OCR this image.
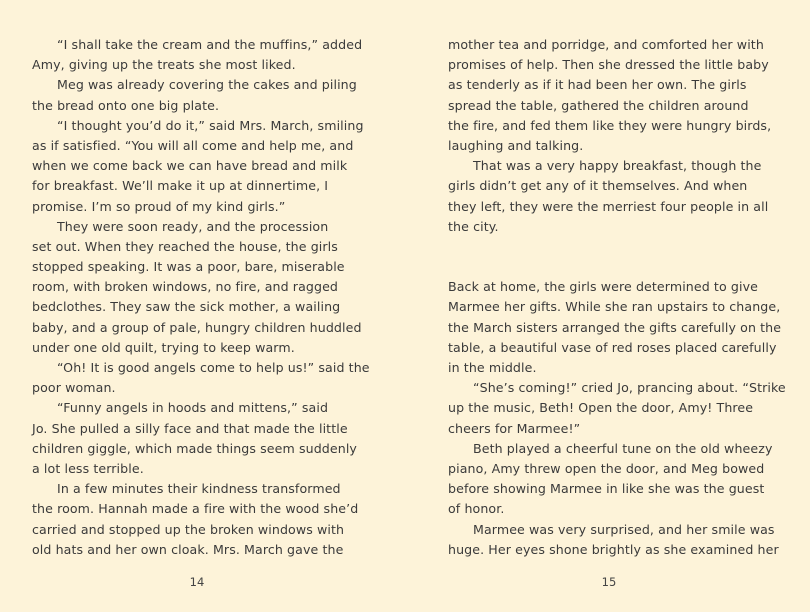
“I shall take the cream and the muffins,” added
Amy, giving up the treats she most liked.
Meg was already covering the cakes and piling
the bread onto one big plate.
“I thought you’d do it,” said Mrs. March, smiling
as if satisfied. “You will all come and help me, and
when we come back we can have bread and milk
for breakfast. We’ll make it up at dinnertime, I
promise. I’m so proud of my kind girls.”
They were soon ready, and the procession
set out. When they reached the house, the girls
stopped speaking. It was a poor, bare, miserable
room, with broken windows, no fire, and ragged
bedclothes. They saw the sick mother, a wailing
baby, and a group of pale, hungry children huddled
under one old quilt, trying to keep warm.
“Oh! It is good angels come to help us!” said the
poor woman.
“Funny angels in hoods and mittens,” said
Jo. She pulled a silly face and that made the little
children giggle, which made things seem suddenly
a lot less terrible.
In a few minutes their kindness transformed
the room. Hannah made a fire with the wood she’d
carried and stopped up the broken windows with
old hats and her own cloak. Mrs. March gave the
mother tea and porridge, and comforted her with
promises of help. Then she dressed the little baby
as tenderly as if it had been her own. The girls
spread the table, gathered the children around
the fire, and fed them like they were hungry birds,
laughing and talking.
That was a very happy breakfast, though the
girls didn’t get any of it themselves. And when
they left, they were the merriest four people in all
the city.
Back at home, the girls were determined to give
Marmee her gifts. While she ran upstairs to change,
the March sisters arranged the gifts carefully on the
table, a beautiful vase of red roses placed carefully
in the middle.
“She’s coming!” cried Jo, prancing about. “Strike
up the music, Beth! Open the door, Amy! Three
cheers for Marmee!”
Beth played a cheerful tune on the old wheezy
piano, Amy threw open the door, and Meg bowed
before showing Marmee in like she was the guest
of honor.
Marmee was very surprised, and her smile was
huge. Her eyes shone brightly as she examined her
14	15
